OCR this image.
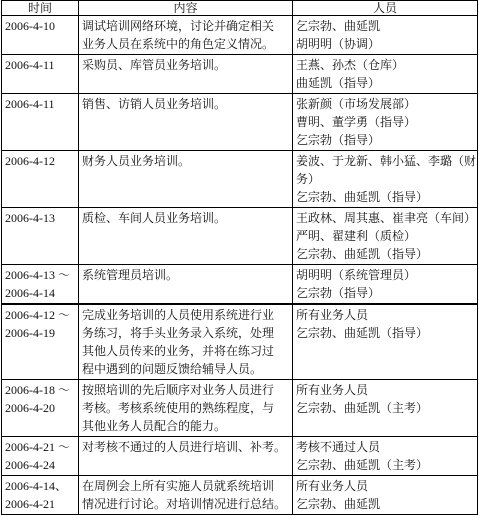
时间	内容	人员

2006-4-10	调试培训网络环境，讨论并确定相关
业务人员在系统中的角色定义情况。	乞宗勃、曲延凯
胡明明（协调）

2006-4-11	采购员、库管员业务培训。	王燕、孙杰（仓库）
曲延凯（指导）

2006-4-11	销售、访销人员业务培训。	张新颜（市场发展部）
曹明、董学勇（指导）
乞宗勃（指导）

2006-4-12	财务人员业务培训。	姜波、于龙新、韩小猛、李璐（财
务）
乞宗勃、曲延凯（指导）

2006-4-13	质检、车间人员业务培训。	王政林、周其惠、崔聿亮（车间）
严明、翟建利（质检）
乞宗勃、曲延凯（指导）

2006-4-13 ～
2006-4-14	系统管理员培训。	胡明明（系统管理员）
乞宗勃（指导）

2006-4-12 ～
2006-4-19	完成业务培训的人员使用系统进行业
务练习，将手头业务录入系统，处理
其他人员传来的业务，并将在练习过
程中遇到的问题反馈给辅导人员。	所有业务人员
乞宗勃、曲延凯（指导）

2006-4-18 ～
2006-4-20	按照培训的先后顺序对业务人员进行
考核。考核系统使用的熟练程度，与
其他业务人员配合的能力。	所有业务人员
乞宗勃、曲延凯（主考）

2006-4-21 ～
2006-4-24	对考核不通过的人员进行培训、补考。	考核不通过人员
乞宗勃、曲延凯（主考）

2006-4-14、
2006-4-21	在周例会上所有实施人员就系统培训
情况进行讨论。对培训情况进行总结。	所有业务人员
乞宗勃、曲延凯
